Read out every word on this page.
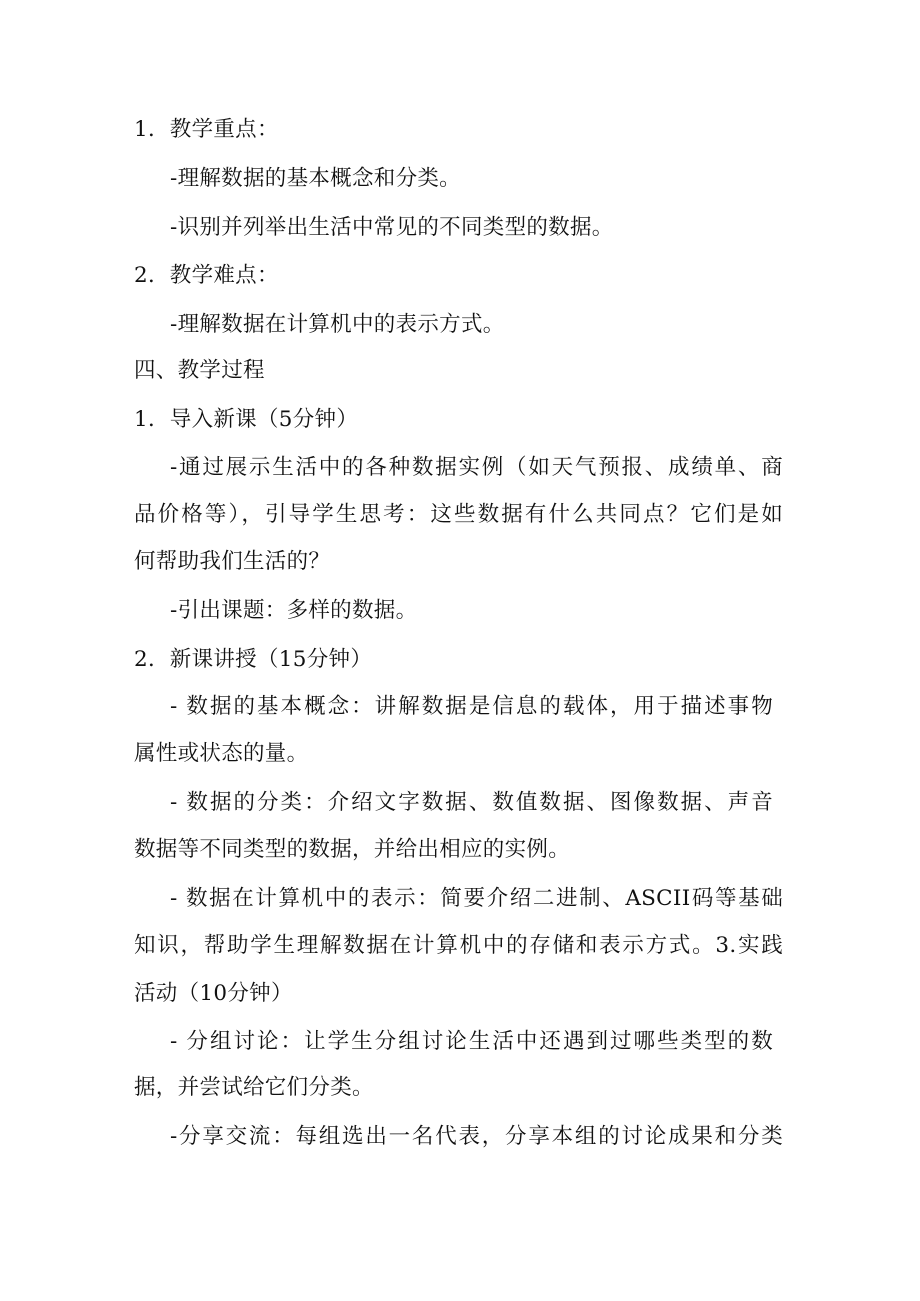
1．教学重点：
-理解数据的基本概念和分类。
-识别并列举出生活中常见的不同类型的数据。
2．教学难点：
-理解数据在计算机中的表示方式。
四、教学过程
1．导入新课（5分钟）
-通过展示生活中的各种数据实例（如天气预报、成绩单、商
品价格等），引导学生思考：这些数据有什么共同点？它们是如
何帮助我们生活的？
-引出课题：多样的数据。
2．新课讲授（15分钟）
- 数据的基本概念：讲解数据是信息的载体，用于描述事物
属性或状态的量。
- 数据的分类：介绍文字数据、数值数据、图像数据、声音
数据等不同类型的数据，并给出相应的实例。
- 数据在计算机中的表示：简要介绍二进制、ASCII码等基础
知识，帮助学生理解数据在计算机中的存储和表示方式。3.实践
活动（10分钟）
- 分组讨论：让学生分组讨论生活中还遇到过哪些类型的数
据，并尝试给它们分类。
-分享交流：每组选出一名代表，分享本组的讨论成果和分类
